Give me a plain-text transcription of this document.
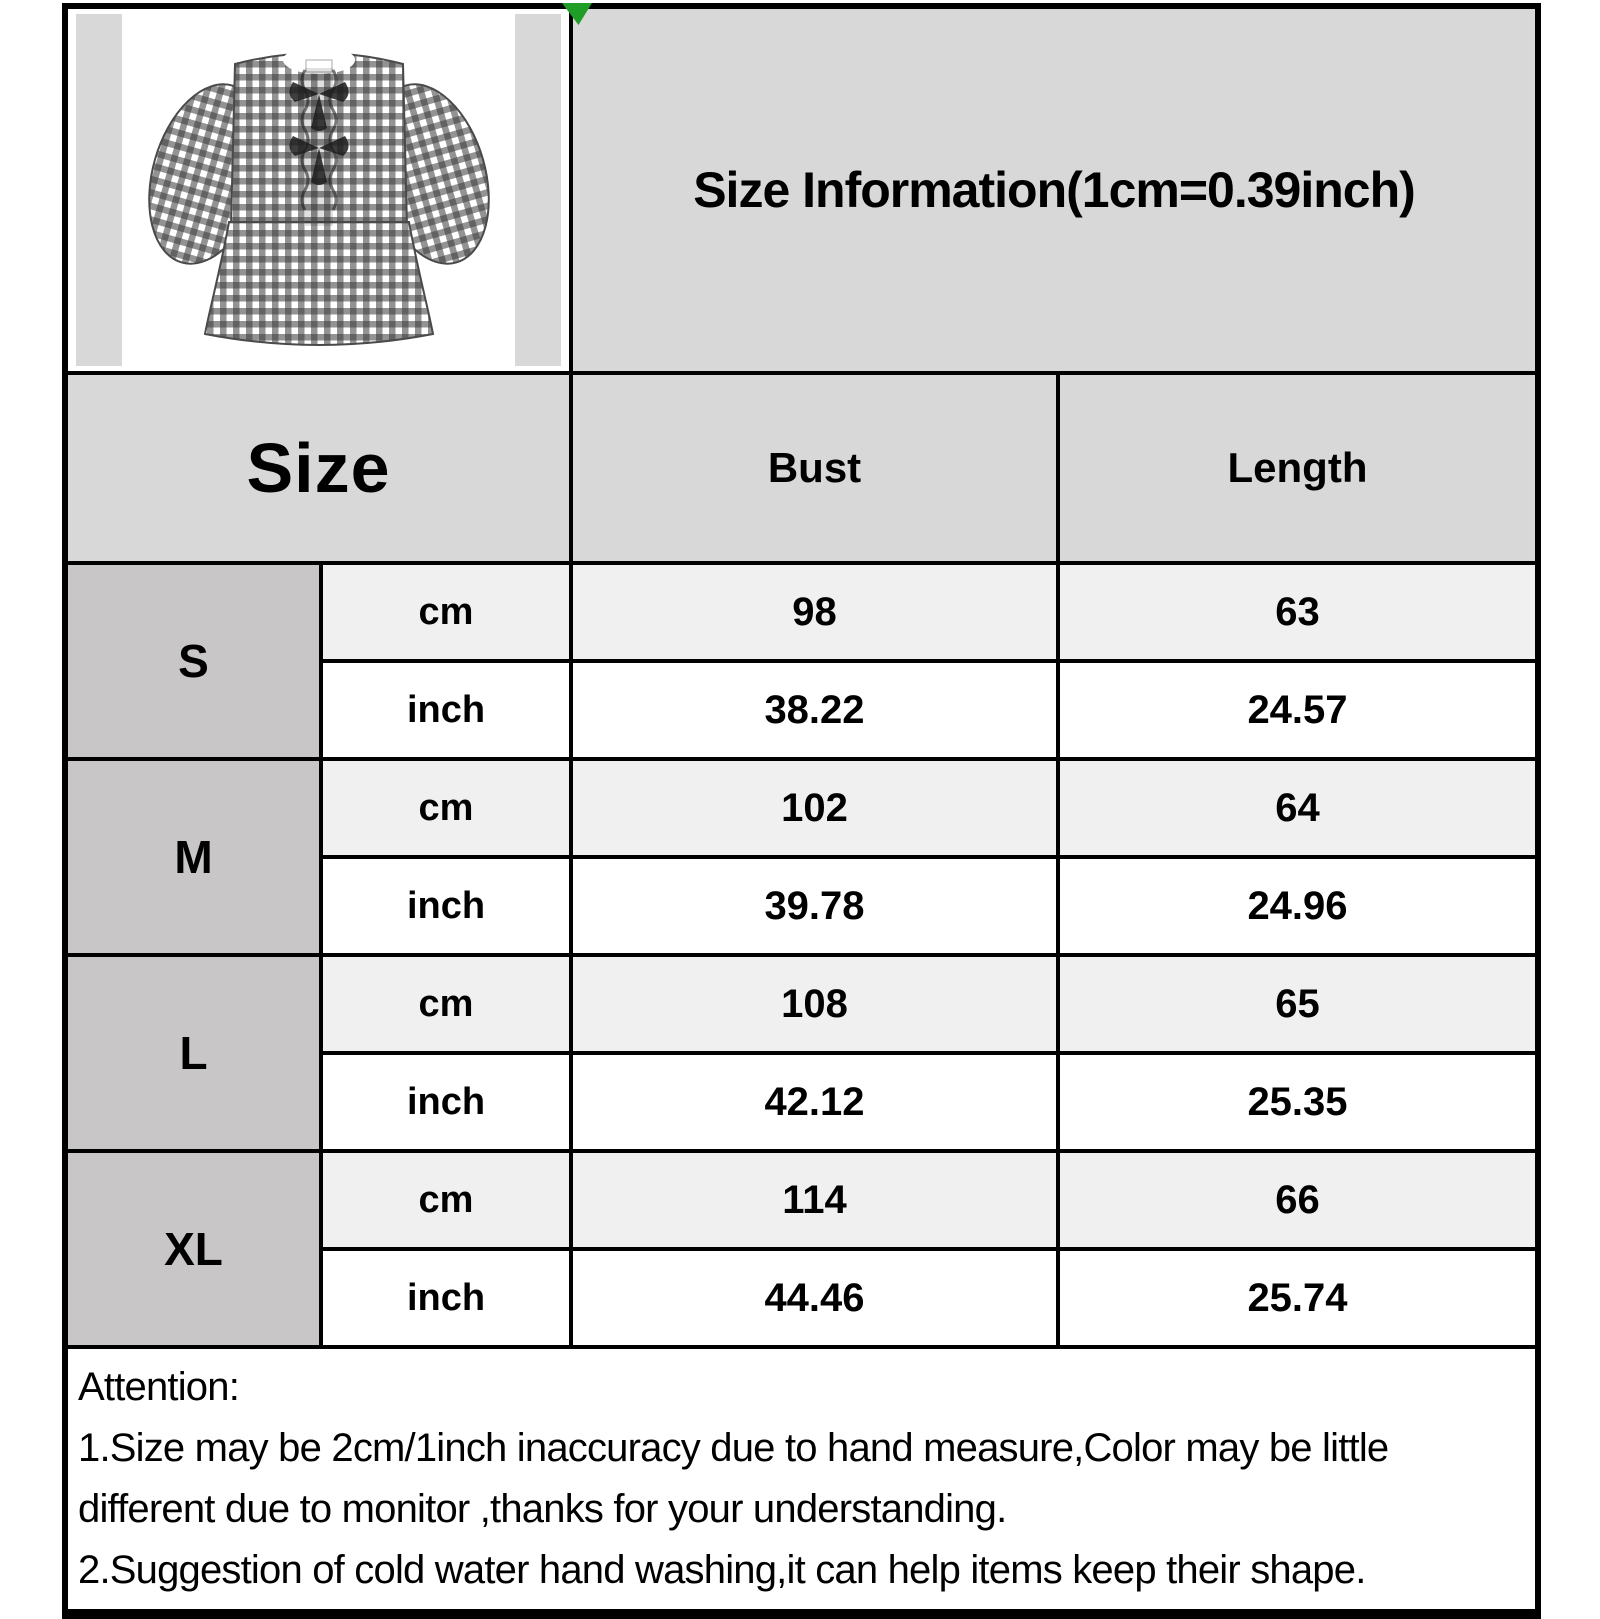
	Size Information(1cm=0.39inch)	
Size		Bust	Length
S	cm	98	63
	inch	38.22	24.57
M	cm	102	64
	inch	39.78	24.96
L	cm	108	65
	inch	42.12	25.35
XL	cm	114	66
	inch	44.46	25.74

Attention:
1.Size may be 2cm/1inch inaccuracy due to hand measure,Color may be little different due to monitor ,thanks for your understanding.
2.Suggestion of cold water hand washing,it can help items keep their shape.			
